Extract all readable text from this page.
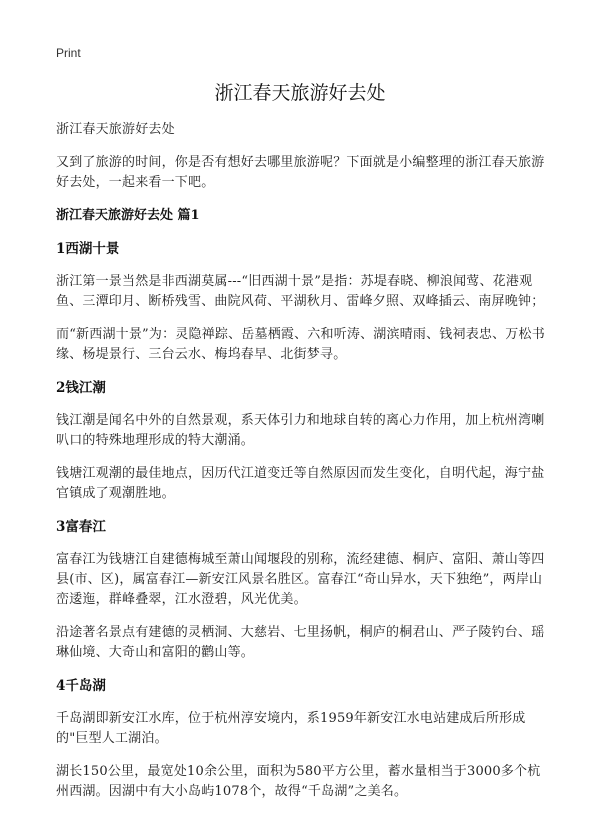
Print
浙江春天旅游好去处

浙江春天旅游好去处

又到了旅游的时间，你是否有想好去哪里旅游呢？下面就是小编整理的浙江春天旅游好去处，一起来看一下吧。

浙江春天旅游好去处 篇1
1西湖十景

浙江第一景当然是非西湖莫属---“旧西湖十景”是指：苏堤春晓、柳浪闻莺、花港观鱼、三潭印月、断桥残雪、曲院风荷、平湖秋月、雷峰夕照、双峰插云、南屏晚钟；

而“新西湖十景”为：灵隐禅踪、岳墓栖霞、六和听涛、湖滨晴雨、钱祠表忠、万松书缘、杨堤景行、三台云水、梅坞春早、北街梦寻。

2钱江潮

钱江潮是闻名中外的自然景观，系天体引力和地球自转的离心力作用，加上杭州湾喇叭口的特殊地理形成的特大潮涌。

钱塘江观潮的最佳地点，因历代江道变迁等自然原因而发生变化，自明代起，海宁盐官镇成了观潮胜地。

3富春江

富春江为钱塘江自建德梅城至萧山闻堰段的别称，流经建德、桐庐、富阳、萧山等四县(市、区)，属富春江—新安江风景名胜区。富春江“奇山异水，天下独绝”，两岸山峦逶迤，群峰叠翠，江水澄碧，风光优美。

沿途著名景点有建德的灵栖洞、大慈岩、七里扬帆，桐庐的桐君山、严子陵钓台、瑶琳仙境、大奇山和富阳的鹳山等。

4千岛湖

千岛湖即新安江水库，位于杭州淳安境内，系1959年新安江水电站建成后所形成的"巨型人工湖泊。

湖长150公里，最宽处10余公里，面积为580平方公里，蓄水量相当于3000多个杭州西湖。因湖中有大小岛屿1078个，故得“千岛湖”之美名。
